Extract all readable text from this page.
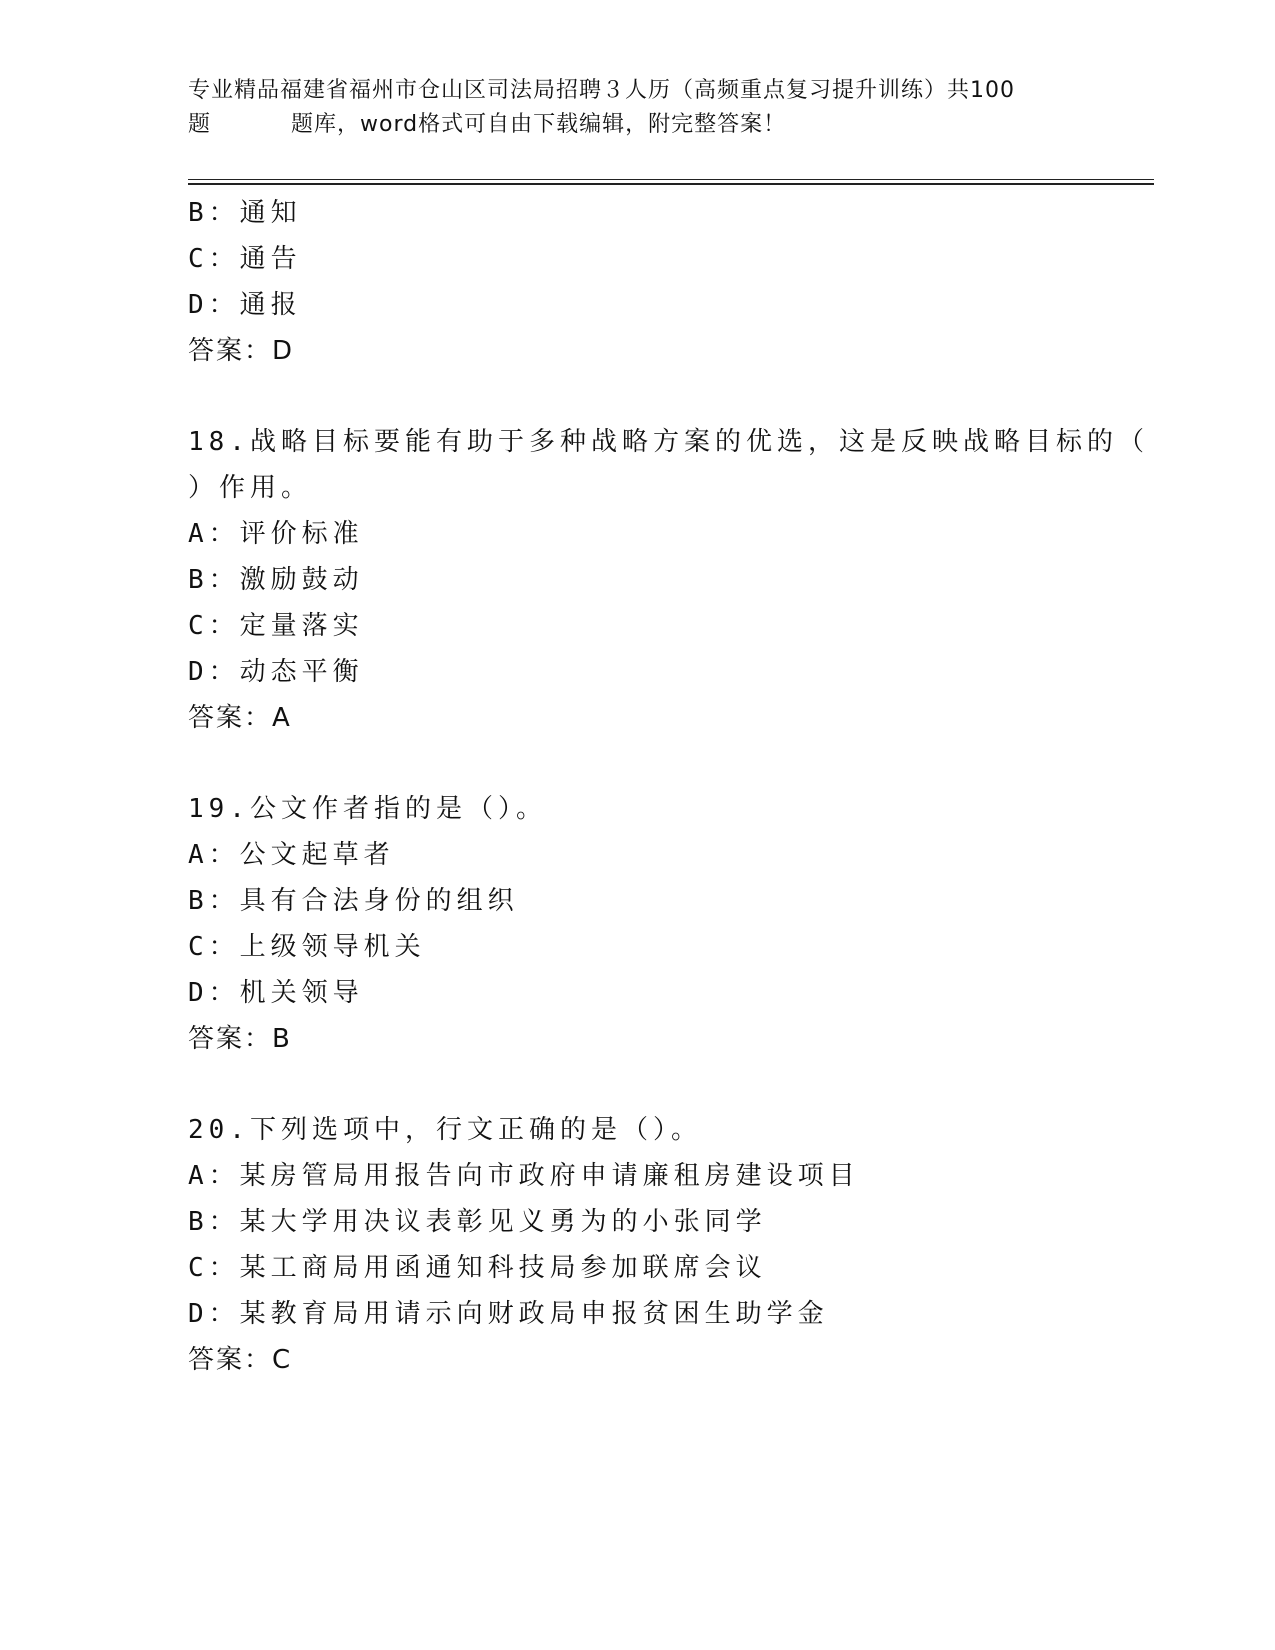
专业精品福建省福州市仓山区司法局招聘３人历（高频重点复习提升训练）共100
题	题库，word格式可自由下载编辑，附完整答案！
B：通知
C：通告
D：通报
答案：D
18.战略目标要能有助于多种战略方案的优选，这是反映战略目标的（
）作用。
A：评价标准
B：激励鼓动
C：定量落实
D：动态平衡
答案：A
19.公文作者指的是（）。
A：公文起草者
B：具有合法身份的组织
C：上级领导机关
D：机关领导
答案：B
20.下列选项中，行文正确的是（）。
A：某房管局用报告向市政府申请廉租房建设项目
B：某大学用决议表彰见义勇为的小张同学
C：某工商局用函通知科技局参加联席会议
D：某教育局用请示向财政局申报贫困生助学金
答案：C
